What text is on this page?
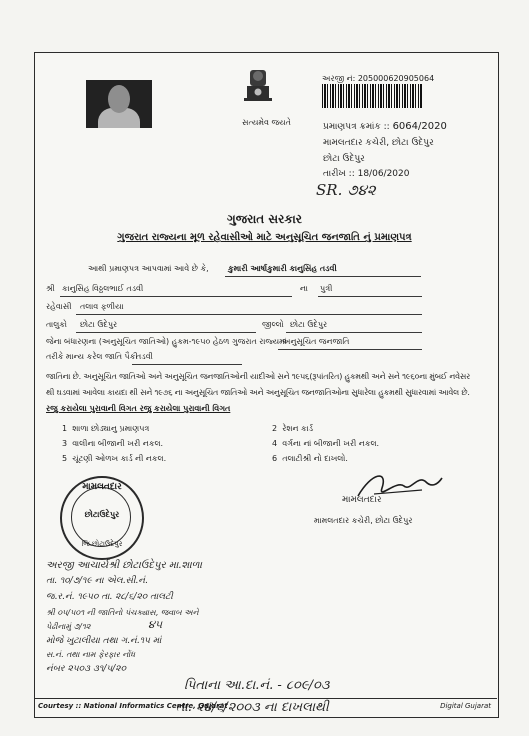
સત્યમેવ જયતે
અરજી નં: 205000620905064
પ્રમાણપત્ર ક્રમાંક :: 6064/2020
મામલતદાર કચેરી, છોટા ઉદેપુર
છોટા ઉદેપુર
તારીખ :: 18/06/2020
SR. ૭૪૨
ગુજરાત સરકાર
ગુજરાત રાજ્યના મૂળ રહેવાસીઓ માટે અનુસૂચિત જનજાતિ નું પ્રમાણપત્ર
આથી પ્રમાણપત્ર આપવામાં આવે છે કે, કુમારી આર્ષાકુમારી કાનુસિંહ તડવી
શ્રી કાનુસિંહ વિઠ્ઠલભાઈ તડવી	ના પુત્રી
રહેવાસી તલાવ ફળીયા
તાલુકો છોટા ઉદેપુર	જીલ્લો છોટા ઉદેપુર
જેના બંધારણના (અનુસૂચિત જાતિઓ) હુકમ-૧૯૫૦ હેઠળ ગુજરાત રાજ્યમાં
અનુસૂચિત જનજાતિ
તરીકે માન્ય કરેલ જાતિ પૈકી
તડવી
જાતિના છે. અનુસૂચિત જાતિઓ અને અનુસૂચિત જનજાતિઓની યાદીઓ સને ૧૯૫૬(રૂપાંતરિત) હુકમથી અને સને ૧૯૬૦ના મુંબઈ નવેસર
થી ઘડવામાં આવેલા કાયદા થી સને ૧૯૭૬ ના અનુસૂચિત જાતિઓ અને અનુસૂચિત જનજાતિઓના સુધારેલા હુકમથી સુધારવામાં આવેલ છે.
રજુ કરાયેલા પુરાવાની વિગત રજુ કરાયેલા પુરાવાની વિગત
1 શાળા છોડ્યાનુ પ્રમાણપત્ર	2 રેશન કાર્ડ
3 વાલીના બીજાની ખરી નકલ.	4 વર્ગના નાં બીજાની ખરી નકલ.
5 ચૂંટણી ઓળખ કાર્ડ ની નકલ.	6 તલાટીશ્રી નો દાખલો.
મામલતદાર
મામલતદાર કચેરી, છોટા ઉદેપુર
મામલતદાર
છોટાઉદેપુર
જિ.છોટાઉદેપુર
અરજી આચાર્યશ્રી છોટાઉદેપુર મા.શાળા
તા. ૧૦/૭/૧૯ ના એલ.સી.નં.
જ.ર.નં. ૧૯૫૦ તા. ૨૮/૬/૨૦ તાલટી
શ્રી ૦૫/૫૦૧ ની જાતિનો પંચક્યાસ, જવાબ અને
પેઢીનામું ૭/૧૨	૪૫
મોજે ખુટાલીયા તથા ગ.નં.૧૫ માં
સ.નં. તથા નામ ફેરફાર નોંધ
નંબર ૨૫૦૩ ૩૧/૫/૨૦
પિતાના આ.દા.નં. - ૮૦૯/૦૩
તા. ૨૪/૬/૨૦૦૩ ના દાખલાથી
Courtesy :: National Informatics Centre, Gujarat	Digital Gujarat
